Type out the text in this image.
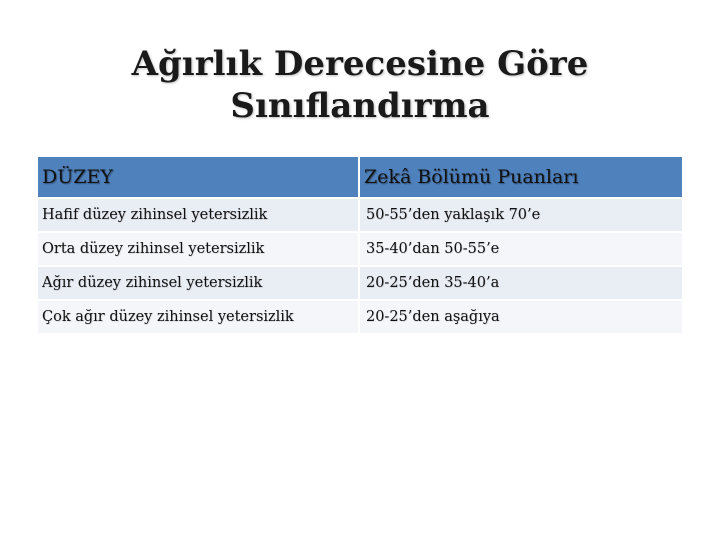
Ağırlık Derecesine Göre
Sınıflandırma
DÜZEY	Zekâ Bölümü Puanları
Hafif düzey zihinsel yetersizlik	50-55’den yaklaşık 70’e
Orta düzey zihinsel yetersizlik	35-40’dan 50-55’e
Ağır düzey zihinsel yetersizlik	20-25’den 35-40’a
Çok ağır düzey zihinsel yetersizlik	20-25’den aşağıya
